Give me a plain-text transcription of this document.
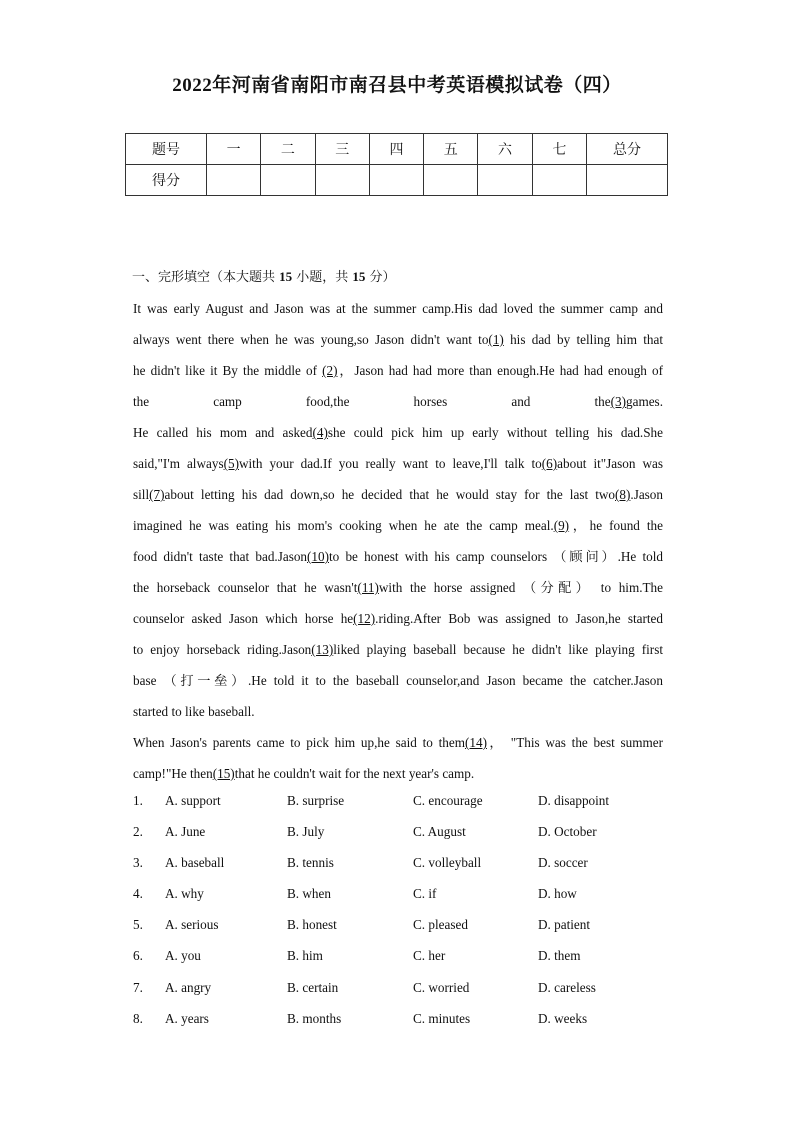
2022年河南省南阳市南召县中考英语模拟试卷（四）
题号	一	二	三	四	五	六	七	总分
得分								
一、完形填空（本大题共 15 小题，共 15 分）

It was early August and Jason was at the summer camp.His dad loved the summer camp and

always went there when he was young,so Jason didn't want to(1) his dad by telling him that

he didn't like it By the middle of (2)，Jason had had more than enough.He had had enough of

the camp food,the horses and the(3)games.

He called his mom and asked(4)she could pick him up early without telling his dad.She

said,"I'm always(5)with your dad.If you really want to leave,I'll talk to(6)about it"Jason was

sill(7)about letting his dad down,so he decided that he would stay for the last two(8).Jason

imagined he was eating his mom's cooking when he ate the camp meal.(9)，he found the

food didn't taste that bad.Jason(10)to be honest with his camp counselors （顾问）.He told

the horseback counselor that he wasn't(11)with the horse assigned （分配） to him.The

counselor asked Jason which horse he(12).riding.After Bob was assigned to Jason,he started

to enjoy horseback riding.Jason(13)liked playing baseball because he didn't like playing first

base （打一垒）.He told it to the baseball counselor,and Jason became the catcher.Jason

started to like baseball.

When Jason's parents came to pick him up,he said to them(14)， "This was the best summer

camp!"He then(15)that he couldn't wait for the next year's camp.

1. A. support	B. surprise	C. encourage	D. disappoint
2. A. June	B. July	C. August	D. October
3. A. baseball	B. tennis	C. volleyball	D. soccer
4. A. why	B. when	C. if	D. how
5. A. serious	B. honest	C. pleased	D. patient
6. A. you	B. him	C. her	D. them
7. A. angry	B. certain	C. worried	D. careless
8. A. years	B. months	C. minutes	D. weeks
